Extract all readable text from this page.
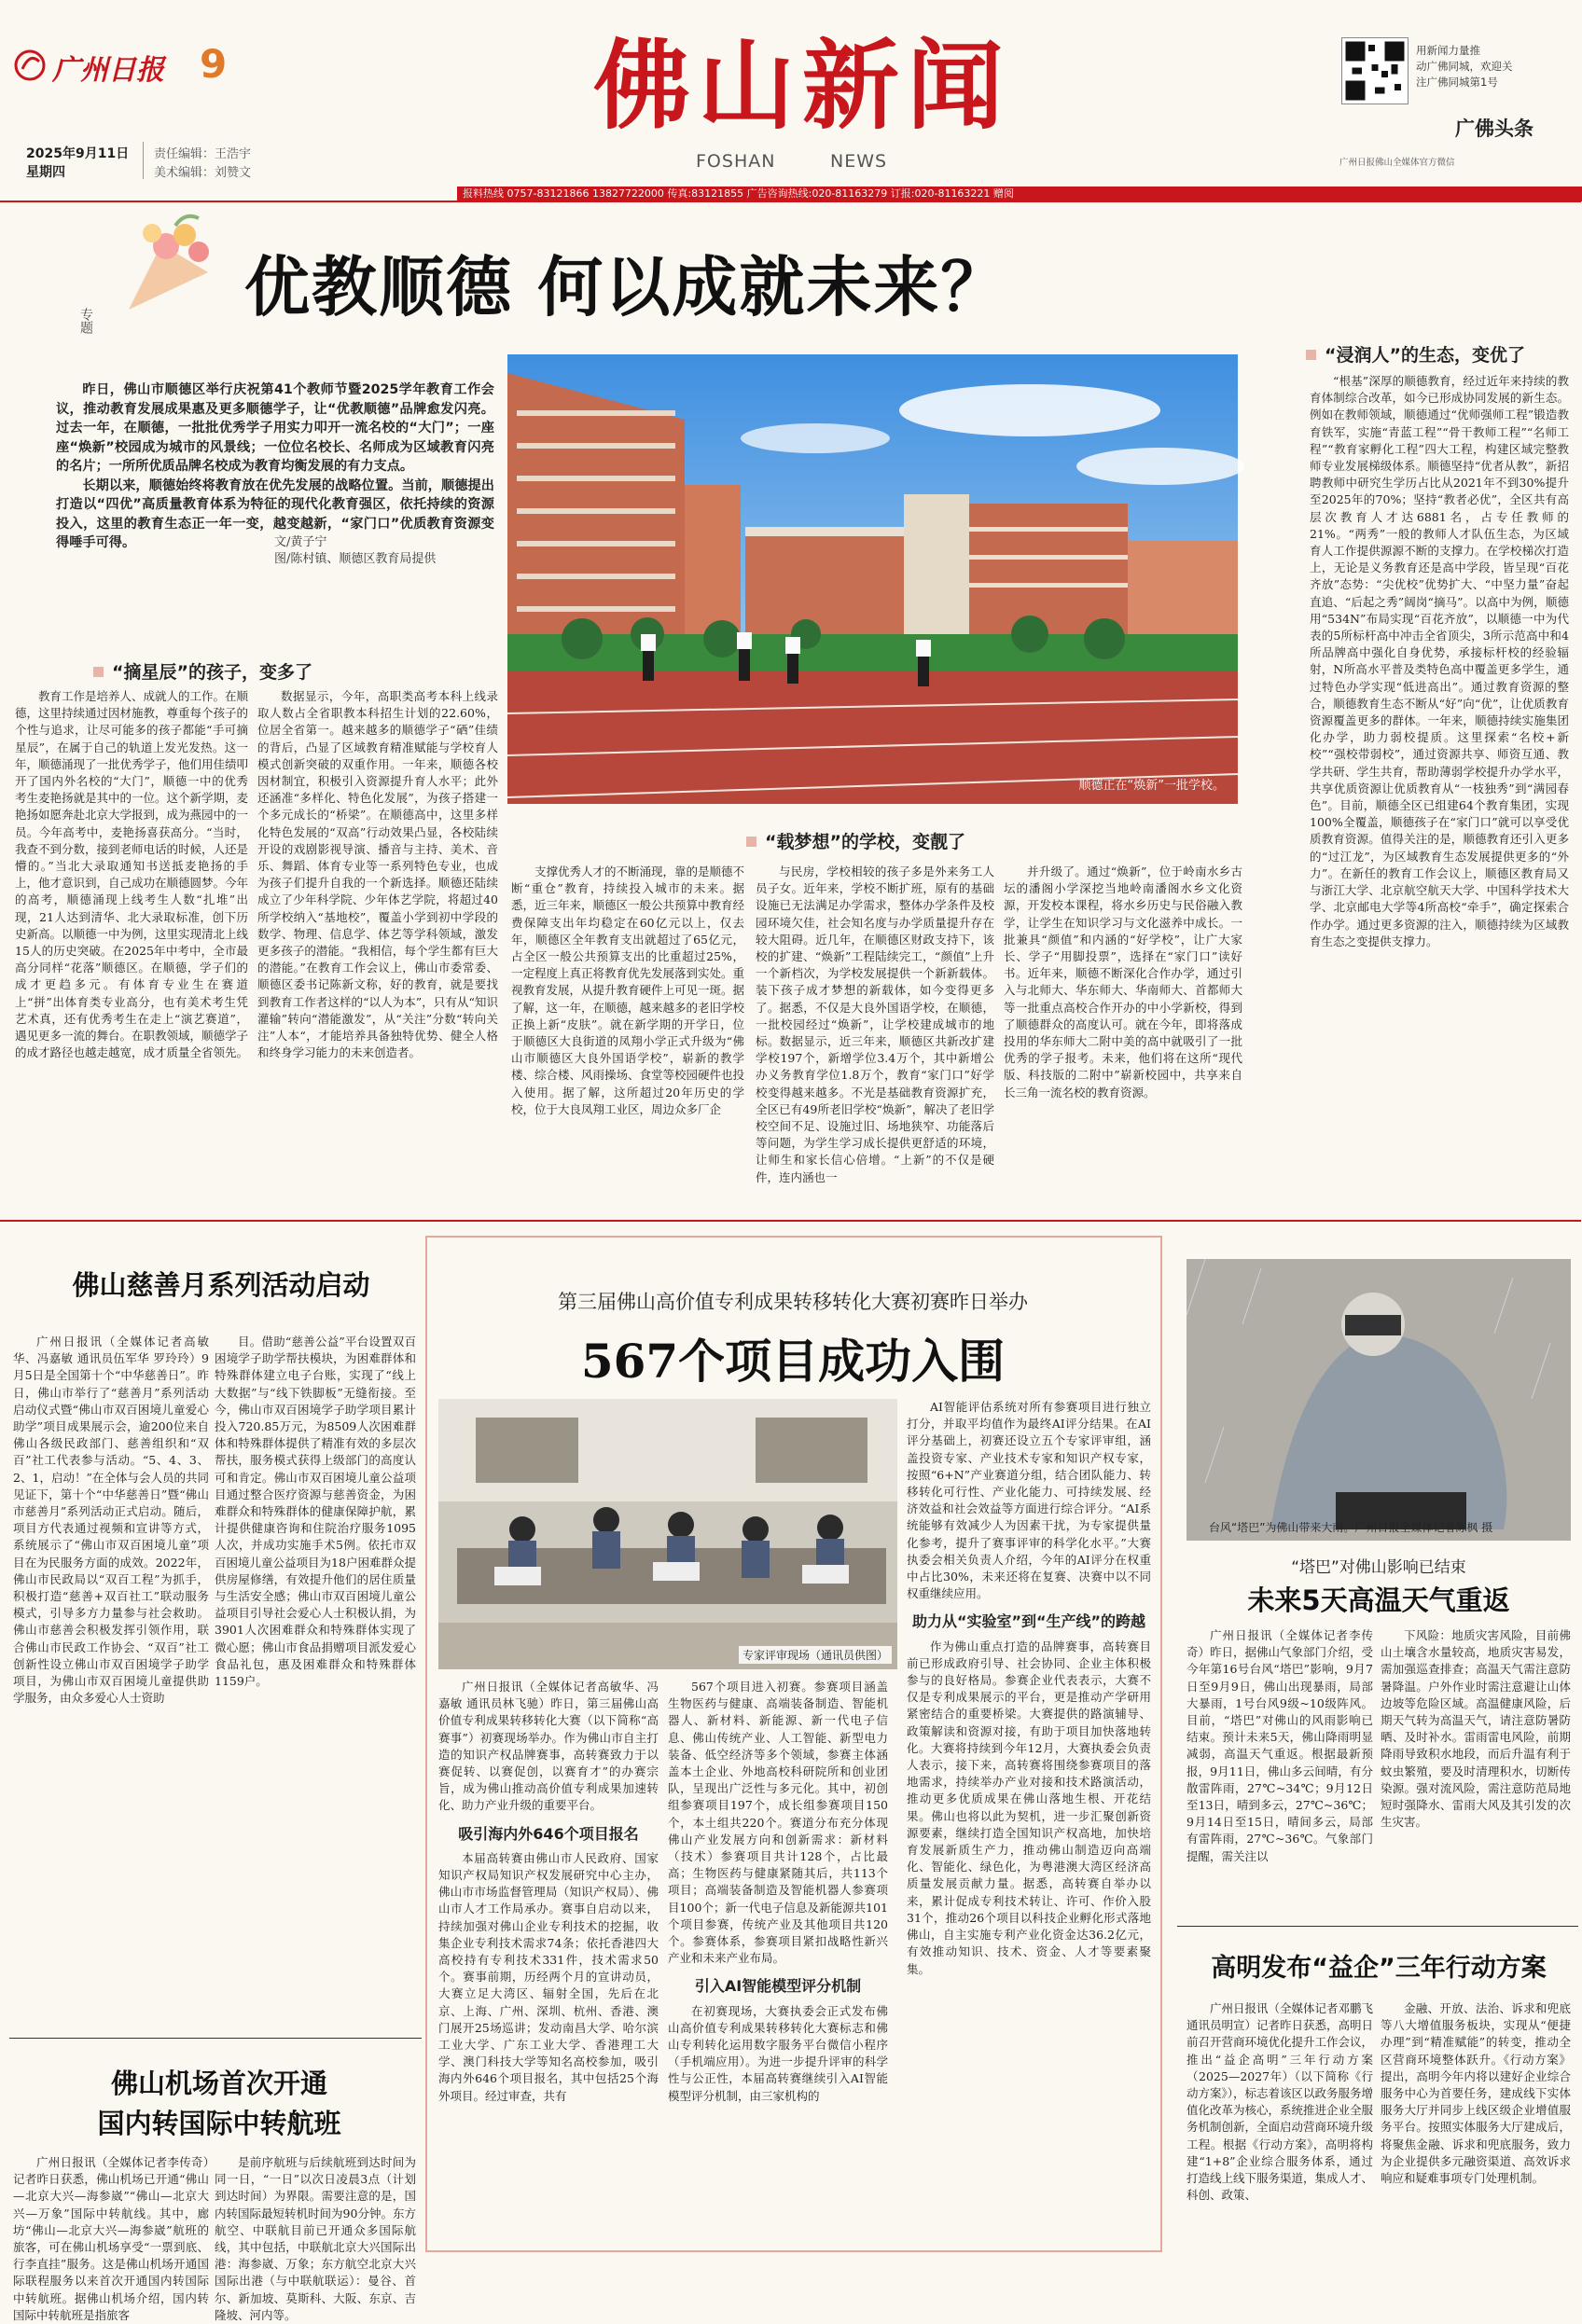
广州日报 9
2025年9月11日
星期四
责任编辑：王浩宇
美术编辑：刘赞文
佛山新闻
FOSHAN	NEWS
用新闻力量推
动广佛同城，欢迎关
注广佛同城第1号
广佛头条
广州日报佛山全媒体官方微信
报料热线 0757-83121866 13827722000 传真:83121855 广告咨询热线:020-81163279 订报:020-81163221 赠阅
专题 优教顺德 何以成就未来？

昨日，佛山市顺德区举行庆祝第41个教师节暨2025学年教育工作会议，推动教育发展成果惠及更多顺德学子，让“优教顺德”品牌愈发闪亮。过去一年，在顺德，一批批优秀学子用实力叩开一流名校的“大门”；一座座“焕新”校园成为城市的风景线；一位位名校长、名师成为区域教育闪亮的名片；一所所优质品牌名校成为教育均衡发展的有力支点。

长期以来，顺德始终将教育放在优先发展的战略位置。当前，顺德提出打造以“四优”高质量教育体系为特征的现代化教育强区，依托持续的资源投入，这里的教育生态正一年一变，越变越新，“家门口”优质教育资源变得唾手可得。	文/黄子宁
图/陈村镇、顺德区教育局提供
顺德正在“焕新”一批学校。
“摘星辰”的孩子，变多了

教育工作是培养人、成就人的工作。在顺德，这里持续通过因材施教，尊重每个孩子的个性与追求，让尽可能多的孩子都能“手可摘星辰”，在属于自己的轨道上发光发热。这一年，顺德涌现了一批优秀学子，他们用佳绩叩开了国内外名校的“大门”，顺德一中的优秀考生麦艳扬就是其中的一位。这个新学期，麦艳扬如愿奔赴北京大学报到，成为燕园中的一员。今年高考中，麦艳扬喜获高分。“当时，我查不到分数，接到老师电话的时候，人还是懵的。”当北大录取通知书送抵麦艳扬的手上，他才意识到，自己成功在顺德圆梦。今年的高考，顺德涌现上线考生人数“扎堆”出现，21人达到清华、北大录取标准，创下历史新高。以顺德一中为例，这里实现清北上线15人的历史突破。在2025年中考中，全市最高分同样“花落”顺德区。在顺德，学子们的成才更趋多元。有体育专业生在赛道上“拼”出体育类专业高分，也有美术考生凭艺术真，还有优秀考生在走上“演艺赛道”，遇见更多一流的舞台。在职教领域，顺德学子的成才路径也越走越宽，成才质量全省领先。

数据显示，今年，高职类高考本科上线录取人数占全省职教本科招生计划的22.60%，位居全省第一。越来越多的顺德学子“硒”佳绩的背后，凸显了区域教育精准赋能与学校育人模式创新突破的双重作用。一年来，顺德各校因材制宜，积极引入资源提升育人水平；此外还涵准“多样化、特色化发展”，为孩子搭建一个多元成长的“桥梁”。在顺德高中，这里多样化特色发展的“双高”行动效果凸显，各校陆续开设的戏剧影视导演、播音与主持、美术、音乐、舞蹈、体育专业等一系列特色专业，也成为孩子们提升自我的一个新选择。顺德还陆续成立了少年科学院、少年体艺学院，将超过40所学校纳入“基地校”，覆盖小学到初中学段的数学、物理、信息学、体艺等学科领域，激发更多孩子的潜能。“我相信，每个学生都有巨大的潜能。”在教育工作会议上，佛山市委常委、顺德区委书记陈新文称，好的教育，就是要找到教育工作者这样的“以人为本”，只有从“知识灌输”转向“潜能激发”，从“关注”分数“转向关注”人本“，才能培养具备独特优势、健全人格和终身学习能力的未来创造者。

“载梦想”的学校，变靓了

支撑优秀人才的不断涌现，靠的是顺德不断“重仓”教育，持续投入城市的未来。据悉，近三年来，顺德区一般公共预算中教育经费保障支出年均稳定在60亿元以上，仅去年，顺德区全年教育支出就超过了65亿元，占全区一般公共预算支出的比重超过25%，一定程度上真正将教育优先发展落到实处。重视教育发展，从提升教育硬件上可见一斑。据了解，这一年，在顺德，越来越多的老旧学校正换上新“皮肤”。就在新学期的开学日，位于顺德区大良街道的凤翔小学正式升级为“佛山市顺德区大良外国语学校”，崭新的教学楼、综合楼、风雨操场、食堂等校园硬件也投入使用。据了解，这所超过20年历史的学校，位于大良凤翔工业区，周边众多厂企

与民房，学校相较的孩子多是外来务工人员子女。近年来，学校不断扩班，原有的基础设施已无法满足办学需求，整体办学条件及校园环境欠佳，社会知名度与办学质量提升存在较大阻碍。近几年，在顺德区财政支持下，该校的扩建、“焕新”工程陆续完工，“颜值”上升一个新档次，为学校发展提供一个新新载体。装下孩子成才梦想的新载体，如今变得更多了。据悉，不仅是大良外国语学校，在顺德，一批校园经过“焕新”，让学校建成城市的地标。数据显示，近三年来，顺德区共新改扩建学校197个，新增学位3.4万个，其中新增公办义务教育学位1.8万个，教育“家门口”好学校变得越来越多。不光是基础教育资源扩充，全区已有49所老旧学校“焕新”，解决了老旧学校空间不足、设施过旧、场地狭窄、功能落后等问题，为学生学习成长提供更舒适的环境，让师生和家长信心倍增。“上新”的不仅是硬件，连内涵也一

并升级了。通过“焕新”，位于岭南水乡古坛的潘阁小学深挖当地岭南潘阁水乡文化资源，开发校本课程，将水乡历史与民俗融入教学，让学生在知识学习与文化滋养中成长。一批兼具“颜值”和内涵的“好学校”，让广大家长、学子“用脚投票”，选择在“家门口”读好书。近年来，顺德不断深化合作办学，通过引入与北师大、华东师大、华南师大、首都师大等一批重点高校合作开办的中小学新校，得到了顺德群众的高度认可。就在今年，即将落成投用的华东师大二附中美的高中就吸引了一批优秀的学子报考。未来，他们将在这所“现代版、科技版的二附中”崭新校园中，共享来自长三角一流名校的教育资源。

“浸润人”的生态，变优了

“根基”深厚的顺德教育，经过近年来持续的教育体制综合改革，如今已形成协同发展的新生态。例如在教师领域，顺德通过“优师强师工程”锻造教育铁军，实施“青蓝工程”“骨干教师工程”“名师工程”“教育家孵化工程”四大工程，构建区域完整教师专业发展梯级体系。顺德坚持“优者从教”，新招聘教师中研究生学历占比从2021年不到30%提升至2025年的70%；坚持“教者必优”，全区共有高层次教育人才达6881名，占专任教师的21%。“两秀”一般的教师人才队伍生态，为区域育人工作提供源源不断的支撑力。在学校梯次打造上，无论是义务教育还是高中学段，皆呈现“百花齐放”态势：“尖优校”优势扩大、“中坚力量”奋起直追、“后起之秀”阔岗“摘马”。以高中为例，顺德用“534N”布局实现“百花齐放”，以顺德一中为代表的5所标杆高中冲击全省顶尖，3所示范高中和4所品牌高中强化自身优势，承接标杆校的经验辐射，N所高水平普及类特色高中覆盖更多学生，通过特色办学实现“低进高出”。通过教育资源的整合，顺德教育生态不断从“好”向“优”，让优质教育资源覆盖更多的群体。一年来，顺德持续实施集团化办学，助力弱校提质。这里探索“名校+新校”“强校带弱校”，通过资源共享、师资互通、教学共研、学生共育，帮助薄弱学校提升办学水平，共享优质资源让优质教育从“一枝独秀”到“满园春色”。目前，顺德全区已组建64个教育集团，实现100%全覆盖，顺德孩子在“家门口”就可以享受优质教育资源。值得关注的是，顺德教育还引入更多的“过江龙”，为区域教育生态发展提供更多的“外力”。在新任的教育工作会议上，顺德区教育局又与浙江大学、北京航空航天大学、中国科学技术大学、北京邮电大学等4所高校“牵手”，确定探索合作办学。通过更多资源的注入，顺德持续为区域教育生态之变提供支撑力。

佛山慈善月系列活动启动

广州日报讯（全媒体记者高敏华、冯嘉敏 通讯员伍军华 罗玲玲）9月5日是全国第十个“中华慈善日”。昨日，佛山市举行了“慈善月”系列活动启动仪式暨“佛山市双百困境儿童爱心助学”项目成果展示会，逾200位来自佛山各级民政部门、慈善组织和“双百”社工代表参与活动。“5、4、3、2、1，启动！”在全体与会人员的共同见证下，第十个“中华慈善日”暨“佛山市慈善月”系列活动正式启动。随后，项目方代表通过视频和宣讲等方式，系统展示了“佛山市双百困境儿童”项目在为民服务方面的成效。2022年，佛山市民政局以“双百工程”为抓手，积极打造“慈善+双百社工”联动服务模式，引导多方力量参与社会救助。佛山市慈善会积极发挥引领作用，联合佛山市民政工作协会、“双百”社工创新性设立佛山市双百困境学子助学项目，为佛山市双百困境儿童提供助学服务，由众多爱心人士资助

目。借助“慈善公益”平台设置双百困境学子助学帮扶模块，为困难群体和特殊群体建立电子台账，实现了“线上大数据”与“线下铁脚板”无缝衔接。至今，佛山市双百困境学子助学项目累计投入720.85万元，为8509人次困难群体和特殊群体提供了精准有效的多层次帮扶，服务模式获得上级部门的高度认可和肯定。佛山市双百困境儿童公益项目通过整合医疗资源与慈善资金，为困难群众和特殊群体的健康保障护航，累计提供健康咨询和住院治疗服务1095人次，并成功实施手术5例。依托市双百困境儿童公益项目为18户困难群众提供房屋修缮，有效提升他们的居住质量与生活安全感；佛山市双百困境儿童公益项目引导社会爱心人士积极认捐，为3901人次困难群众和特殊群体实现了微心愿；佛山市食品捐赠项目派发爱心食品礼包，惠及困难群众和特殊群体1159户。

佛山机场首次开通
国内转国际中转航班

广州日报讯（全媒体记者李传奇）记者昨日获悉，佛山机场已开通“佛山—北京大兴—海参崴”“佛山—北京大兴—万象”国际中转航线。其中，廊坊“佛山—北京大兴—海参崴”航班的旅客，可在佛山机场享受“一票到底、行李直挂”服务。这是佛山机场开通国际联程服务以来首次开通国内转国际中转航班。据佛山机场介绍，国内转国际中转航班是指旅客

是前序航班与后续航班到达时间为同一日，“一日”以次日凌晨3点（计划到达时间）为界限。需要注意的是，国内转国际最短转机时间为90分钟。东方航空、中联航目前已开通众多国际航线，其中包括，中联航北京大兴国际出港：海参崴、万象；东方航空北京大兴国际出港（与中联航联运）：曼谷、首尔、新加坡、莫斯科、大阪、东京、吉隆坡、河内等。

第三届佛山高价值专利成果转移转化大赛初赛昨日举办
567个项目成功入围
专家评审现场（通讯员供图）

广州日报讯（全媒体记者高敏华、冯嘉敏 通讯员林飞驰）昨日，第三届佛山高价值专利成果转移转化大赛（以下简称“高赛事”）初赛现场举办。作为佛山市自主打造的知识产权品牌赛事，高转赛致力于以赛促转、以赛促创，以赛育才”的办赛宗旨，成为佛山推动高价值专利成果加速转化、助力产业升级的重要平台。

吸引海内外646个项目报名

本届高转赛由佛山市人民政府、国家知识产权局知识产权发展研究中心主办，佛山市市场监督管理局（知识产权局）、佛山市人才工作局承办。赛事自启动以来，持续加强对佛山企业专利技术的挖掘，收集企业专利技术需求74条；依托香港四大高校持有专利技术331件，技术需求50个。赛事前期，历经两个月的宣讲动员，大赛立足大湾区、辐射全国，先后在北京、上海、广州、深圳、杭州、香港、澳门展开25场巡讲；发动南昌大学、哈尔滨工业大学、广东工业大学、香港理工大学、澳门科技大学等知名高校参加，吸引海内外646个项目报名，其中包括25个海外项目。经过审查，共有

567个项目进入初赛。参赛项目涵盖生物医药与健康、高端装备制造、智能机器人、新材料、新能源、新一代电子信息、佛山传统产业、人工智能、新型电力装备、低空经济等多个领域，参赛主体涵盖本土企业、外地高校科研院所和创业团队，呈现出广泛性与多元化。其中，初创组参赛项目197个，成长组参赛项目150个，本土组共220个。赛道分布充分体现佛山产业发展方向和创新需求：新材料（技术）参赛项目共计128个，占比最高；生物医药与健康紧随其后，共113个项目；高端装备制造及智能机器人参赛项目100个；新一代电子信息及新能源共101个项目参赛，传统产业及其他项目共120个。参赛体系，参赛项目紧扣战略性新兴产业和未来产业布局。

引入AI智能模型评分机制

在初赛现场，大赛执委会正式发布佛山高价值专利成果转移转化大赛标志和佛山专利转化运用数字服务平台微信小程序（手机端应用）。为进一步提升评审的科学性与公正性，本届高转赛继续引入AI智能模型评分机制，由三家机构的

AI智能评估系统对所有参赛项目进行独立打分，并取平均值作为最终AI评分结果。在AI评分基础上，初赛还设立五个专家评审组，涵盖投资专家、产业技术专家和知识产权专家，按照“6+N”产业赛道分组，结合团队能力、转移转化可行性、产业化能力、可持续发展、经济效益和社会效益等方面进行综合评分。“AI系统能够有效减少人为因素干扰，为专家提供量化参考，提升了赛事评审的科学化水平。”大赛执委会相关负责人介绍，今年的AI评分在权重中占比30%，未来还将在复赛、决赛中以不同权重继续应用。

助力从“实验室”到“生产线”的跨越

作为佛山重点打造的品牌赛事，高转赛目前已形成政府引导、社会协同、企业主体积极参与的良好格局。参赛企业代表表示，大赛不仅是专利成果展示的平台，更是推动产学研用紧密结合的重要桥梁。大赛提供的路演辅导、政策解读和资源对接，有助于项目加快落地转化。大赛将持续到今年12月，大赛执委会负责人表示，接下来，高转赛将围绕参赛项目的落地需求，持续举办产业对接和技术路演活动，推动更多优质成果在佛山落地生根、开花结果。佛山也将以此为契机，进一步汇聚创新资源要素，继续打造全国知识产权高地，加快培育发展新质生产力，推动佛山制造迈向高端化、智能化、绿色化，为粤港澳大湾区经济高质量发展贡献力量。据悉，高转赛自举办以来，累计促成专利技术转让、许可、作价入股31个，推动26个项目以科技企业孵化形式落地佛山，自主实施专利产业化资金达36.2亿元，有效推动知识、技术、资金、人才等要素聚集。

台风“塔巴”为佛山带来大雨。广州日报全媒体记者陈枫 摄
“塔巴”对佛山影响已结束
未来5天高温天气重返

广州日报讯（全媒体记者李传奇）昨日，据佛山气象部门介绍，受今年第16号台风“塔巴”影响，9月7日至9月9日，佛山出现暴雨，局部大暴雨，1号台风9级~10级阵风。目前，“塔巴”对佛山的风雨影响已结束。预计未来5天，佛山降雨明显减弱，高温天气重返。根据最新预报，9月11日，佛山多云间晴，有分散雷阵雨，27℃~34℃；9月12日至13日，晴到多云，27℃~36℃；9月14日至15日，晴间多云，局部有雷阵雨，27℃~36℃。气象部门提醒，需关注以

下风险：地质灾害风险，目前佛山土壤含水量较高，地质灾害易发，需加强巡查排查；高温天气需注意防暑降温。户外作业时需注意避让山体边坡等危险区域。高温健康风险，后期天气转为高温天气，请注意防暑防晒、及时补水。雷雨雷电风险，前期降雨导致积水地段，而后升温有利于蚊虫繁殖，要及时清理积水，切断传染源。强对流风险，需注意防范局地短时强降水、雷雨大风及其引发的次生灾害。

高明发布“益企”三年行动方案

广州日报讯（全媒体记者邓鹏飞 通讯员明宣）记者昨日获悉，高明日前召开营商环境优化提升工作会议，推出“益企高明”三年行动方案（2025—2027年）（以下简称《行动方案》），标志着该区以政务服务增值化改革为核心，系统推进企业全服务机制创新，全面启动营商环境升级工程。根据《行动方案》，高明将构建“1+8”企业综合服务体系，通过打造线上线下服务渠道，集成人才、科创、政策、

金融、开放、法治、诉求和兜底等八大增值服务板块，实现从“便捷办理”到“精准赋能”的转变，推动全区营商环境整体跃升。《行动方案》提出，高明今年内将以建好企业综合服务中心为首要任务，建成线下实体服务大厅并同步上线区级企业增值服务平台。按照实体服务大厅建成后，将聚焦金融、诉求和兜底服务，致力为企业提供多元融资渠道、高效诉求响应和疑难事项专门处理机制。
